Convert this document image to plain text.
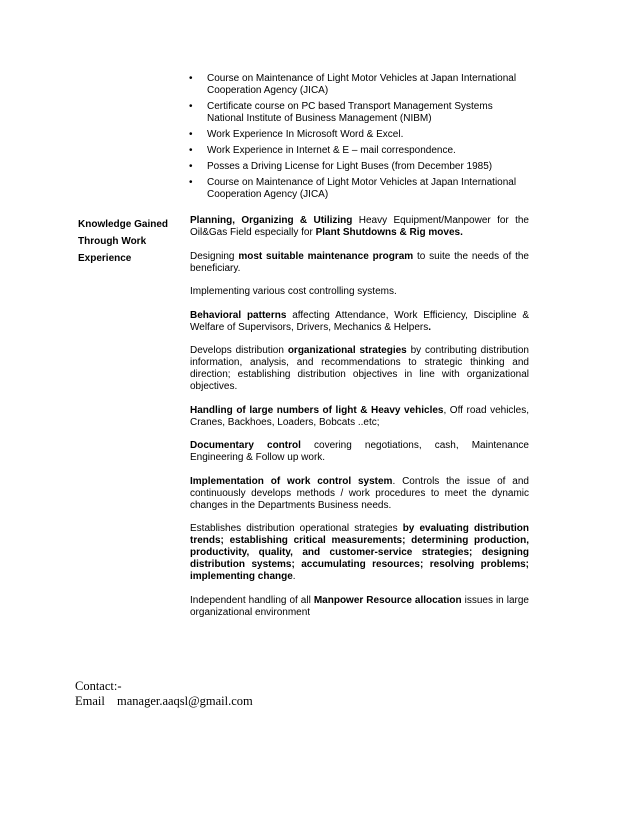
• Course on Maintenance of Light Motor Vehicles at Japan International Cooperation Agency (JICA)
• Certificate course on PC based Transport Management Systems National Institute of Business Management (NIBM)
• Work Experience In Microsoft Word & Excel.
• Work Experience in Internet & E – mail correspondence.
• Posses a Driving License for Light Buses (from December 1985)
• Course on Maintenance of Light Motor Vehicles at Japan International Cooperation Agency (JICA)
Knowledge Gained
Through Work
Experience

Planning, Organizing & Utilizing Heavy Equipment/Manpower for the Oil&Gas Field especially for Plant Shutdowns & Rig moves.

Designing most suitable maintenance program to suite the needs of the beneficiary.

Implementing various cost controlling systems.

Behavioral patterns affecting Attendance, Work Efficiency, Discipline & Welfare of Supervisors, Drivers, Mechanics & Helpers.

Develops distribution organizational strategies by contributing distribution information, analysis, and recommendations to strategic thinking and direction; establishing distribution objectives in line with organizational objectives.

Handling of large numbers of light & Heavy vehicles, Off road vehicles, Cranes, Backhoes, Loaders, Bobcats ..etc;

Documentary control covering negotiations, cash, Maintenance Engineering & Follow up work.

Implementation of work control system. Controls the issue of and continuously develops methods / work procedures to meet the dynamic changes in the Departments Business needs.

Establishes distribution operational strategies by evaluating distribution trends; establishing critical measurements; determining production, productivity, quality, and customer-service strategies; designing distribution systems; accumulating resources; resolving problems; implementing change.

Independent handling of all Manpower Resource allocation issues in large organizational environment

Contact:-
Email manager.aaqsl@gmail.com
